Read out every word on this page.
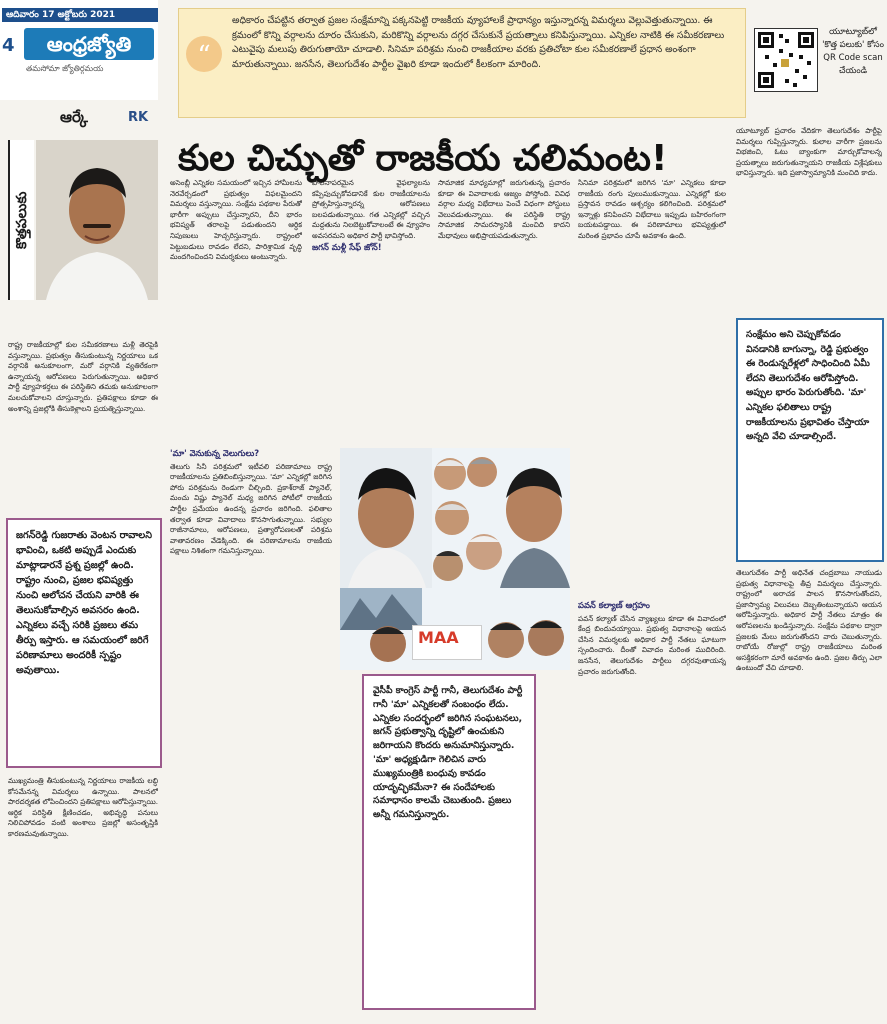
ఆదివారం 17 అక్టోబరు 2021
4	ఆంధ్రజ్యోతి
తమసోమా జ్యోతిర్గమయ	“
అధికారం చేపట్టిన తర్వాత ప్రజల సంక్షేమాన్ని పక్కనపెట్టి రాజకీయ వ్యూహాలకే ప్రాధాన్యం ఇస్తున్నారన్న విమర్శలు వెల్లువెత్తుతున్నాయి. ఈ క్రమంలో కొన్ని వర్గాలను దూరం చేసుకుని, మరికొన్ని వర్గాలను దగ్గర చేసుకునే ప్రయత్నాలు కనిపిస్తున్నాయి. ఎన్నికల నాటికి ఈ సమీకరణాలు ఎటువైపు మలుపు తిరుగుతాయో చూడాలి. సినిమా పరిశ్రమ నుంచి రాజకీయాల వరకు ప్రతిచోటా కుల సమీకరణాలే ప్రధాన అంశంగా మారుతున్నాయి. జనసేన, తెలుగుదేశం పార్టీల వైఖరి కూడా ఇందులో కీలకంగా మారింది.
యూట్యూబ్‌లో 'కొత్త పలుకు' కోసం QR Code scan చేయండి
ఆర్కే	RK
కొత్తపలుకు
కుల చిచ్చుతో రాజకీయ చలిమంట!
రాష్ట్ర రాజకీయాల్లో కుల సమీకరణాలు మళ్లీ తెరపైకి వస్తున్నాయి. ప్రభుత్వం తీసుకుంటున్న నిర్ణయాలు ఒక వర్గానికి అనుకూలంగా, మరో వర్గానికి వ్యతిరేకంగా ఉన్నాయన్న ఆరోపణలు పెరుగుతున్నాయి. అధికార పార్టీ వ్యూహకర్తలు ఈ పరిస్థితిని తమకు అనుకూలంగా మలచుకోవాలని చూస్తున్నారు. ప్రతిపక్షాలు కూడా ఈ అంశాన్ని ప్రజల్లోకి తీసుకెళ్లాలని ప్రయత్నిస్తున్నాయి.
జగన్‌రెడ్డి గుజరాతు వెంటన రావాలని భావించి, ఒకటి అప్పుడే ఎందుకు మాట్లాడారనే ప్రశ్న ప్రజల్లో ఉంది. రాష్ట్రం నుంచి, ప్రజల భవిష్యత్తు నుంచి ఆలోచన చేయని వారికి ఈ తెలుసుకోవాల్సిన అవసరం ఉంది. ఎన్నికలు వచ్చే సరికి ప్రజలు తమ తీర్పు ఇస్తారు. ఆ సమయంలో జరిగే పరిణామాలు అందరికీ స్పష్టం అవుతాయి.
ముఖ్యమంత్రి తీసుకుంటున్న నిర్ణయాలు రాజకీయ లబ్ధి కోసమేనన్న విమర్శలు ఉన్నాయి. పాలనలో పారదర్శకత లోపించిందని ప్రతిపక్షాలు ఆరోపిస్తున్నాయి. ఆర్థిక పరిస్థితి క్షీణించడం, అభివృద్ధి పనులు నిలిచిపోవడం వంటి అంశాలు ప్రజల్లో అసంతృప్తికి కారణమవుతున్నాయి.
అసెంబ్లీ ఎన్నికల సమయంలో ఇచ్చిన హామీలను నెరవేర్చడంలో ప్రభుత్వం విఫలమైందని విమర్శలు వస్తున్నాయి. సంక్షేమ పథకాల పేరుతో భారీగా అప్పులు చేస్తున్నారని, దీని భారం భవిష్యత్ తరాలపై పడుతుందని ఆర్థిక నిపుణులు హెచ్చరిస్తున్నారు. రాష్ట్రంలో పెట్టుబడులు రావడం లేదని, పారిశ్రామిక వృద్ధి మందగించిందని విమర్శకులు అంటున్నారు.
పాలనాపరమైన వైఫల్యాలను కప్పిపుచ్చుకోవడానికే కుల రాజకీయాలను ప్రోత్సహిస్తున్నారన్న ఆరోపణలు బలపడుతున్నాయి. గత ఎన్నికల్లో వచ్చిన మద్దతును నిలబెట్టుకోవాలంటే ఈ వ్యూహం అవసరమని అధికార పార్టీ భావిస్తోంది.

జగన్ మళ్లీ సేఫ్ జోన్!

సామాజిక మాధ్యమాల్లో జరుగుతున్న ప్రచారం కూడా ఈ వివాదాలకు ఆజ్యం పోస్తోంది. వివిధ వర్గాల మధ్య విభేదాలు పెంచే విధంగా పోస్టులు వెలువడుతున్నాయి. ఈ పరిస్థితి రాష్ట్ర సామాజిక సామరస్యానికి మంచిది కాదని మేధావులు అభిప్రాయపడుతున్నారు.
సినిమా పరిశ్రమలో జరిగిన 'మా' ఎన్నికలు కూడా రాజకీయ రంగు పులుముకున్నాయి. ఎన్నికల్లో కుల ప్రస్తావన రావడం ఆశ్చర్యం కలిగించింది. పరిశ్రమలో ఇన్నాళ్లు కనిపించని విభేదాలు ఇప్పుడు బహిరంగంగా బయటపడ్డాయి. ఈ పరిణామాలు భవిష్యత్తులో మరింత ప్రభావం చూపే అవకాశం ఉంది.
MAA
వైసీపీ కాంగ్రెస్ పార్టీ గానీ, తెలుగుదేశం పార్టీ గానీ 'మా' ఎన్నికలతో సంబంధం లేదు. ఎన్నికల సందర్భంలో జరిగిన సంఘటనలు, జగన్ ప్రభుత్వాన్ని దృష్టిలో ఉంచుకుని జరిగాయని కొందరు అనుమానిస్తున్నారు. 'మా' అధ్యక్షుడిగా గెలిచిన వారు ముఖ్యమంత్రికి బంధువు కావడం యాదృచ్ఛికమేనా? ఈ సందేహాలకు సమాధానం కాలమే చెబుతుంది. ప్రజలు అన్నీ గమనిస్తున్నారు.

'మా' వెనుకున్న వెలుగులు?

తెలుగు సినీ పరిశ్రమలో ఇటీవలి పరిణామాలు రాష్ట్ర రాజకీయాలను ప్రతిబింబిస్తున్నాయి. 'మా' ఎన్నికల్లో జరిగిన పోరు పరిశ్రమను రెండుగా చీల్చింది. ప్రకాశ్‌రాజ్ ప్యానెల్, మంచు విష్ణు ప్యానెల్ మధ్య జరిగిన పోటీలో రాజకీయ పార్టీల ప్రమేయం ఉందన్న ప్రచారం జరిగింది. ఫలితాల తర్వాత కూడా వివాదాలు కొనసాగుతున్నాయి. సభ్యుల రాజీనామాలు, ఆరోపణలు, ప్రత్యారోపణలతో పరిశ్రమ వాతావరణం వేడెక్కింది. ఈ పరిణామాలను రాజకీయ పక్షాలు నిశితంగా గమనిస్తున్నాయి.

పవన్ కల్యాణ్ ఆగ్రహం

పవన్ కల్యాణ్ చేసిన వ్యాఖ్యలు కూడా ఈ వివాదంలో కేంద్ర బిందువయ్యాయి. ప్రభుత్వ విధానాలపై ఆయన చేసిన విమర్శలకు అధికార పార్టీ నేతలు ఘాటుగా స్పందించారు. దీంతో వివాదం మరింత ముదిరింది. జనసేన, తెలుగుదేశం పార్టీలు దగ్గరవుతాయన్న ప్రచారం జరుగుతోంది.
యూట్యూబ్ ప్రచారం వేదికగా తెలుగుదేశం పార్టీపై విమర్శలు గుప్పిస్తున్నారు. కులాల వారీగా ప్రజలను విభజించి, ఓటు బ్యాంకుగా మార్చుకోవాలన్న ప్రయత్నాలు జరుగుతున్నాయని రాజకీయ విశ్లేషకులు భావిస్తున్నారు. ఇది ప్రజాస్వామ్యానికి మంచిది కాదు.
సంక్షేమం అని చెప్పుకోవడం వినడానికి బాగున్నా, రెడ్డి ప్రభుత్వం ఈ రెండున్నరేళ్లలో సాధించింది ఏమీ లేదని తెలుగుదేశం ఆరోపిస్తోంది. అప్పుల భారం పెరుగుతోంది. 'మా' ఎన్నికల ఫలితాలు రాష్ట్ర రాజకీయాలను ప్రభావితం చేస్తాయా అన్నది వేచి చూడాల్సిందే.
తెలుగుదేశం పార్టీ అధినేత చంద్రబాబు నాయుడు ప్రభుత్వ విధానాలపై తీవ్ర విమర్శలు చేస్తున్నారు. రాష్ట్రంలో అరాచక పాలన కొనసాగుతోందని, ప్రజాస్వామ్య విలువలు దెబ్బతింటున్నాయని ఆయన ఆరోపిస్తున్నారు. అధికార పార్టీ నేతలు మాత్రం ఈ ఆరోపణలను ఖండిస్తున్నారు. సంక్షేమ పథకాల ద్వారా ప్రజలకు మేలు జరుగుతోందని వారు చెబుతున్నారు. రాబోయే రోజుల్లో రాష్ట్ర రాజకీయాలు మరింత ఆసక్తికరంగా మారే అవకాశం ఉంది. ప్రజల తీర్పు ఎలా ఉంటుందో వేచి చూడాలి.
